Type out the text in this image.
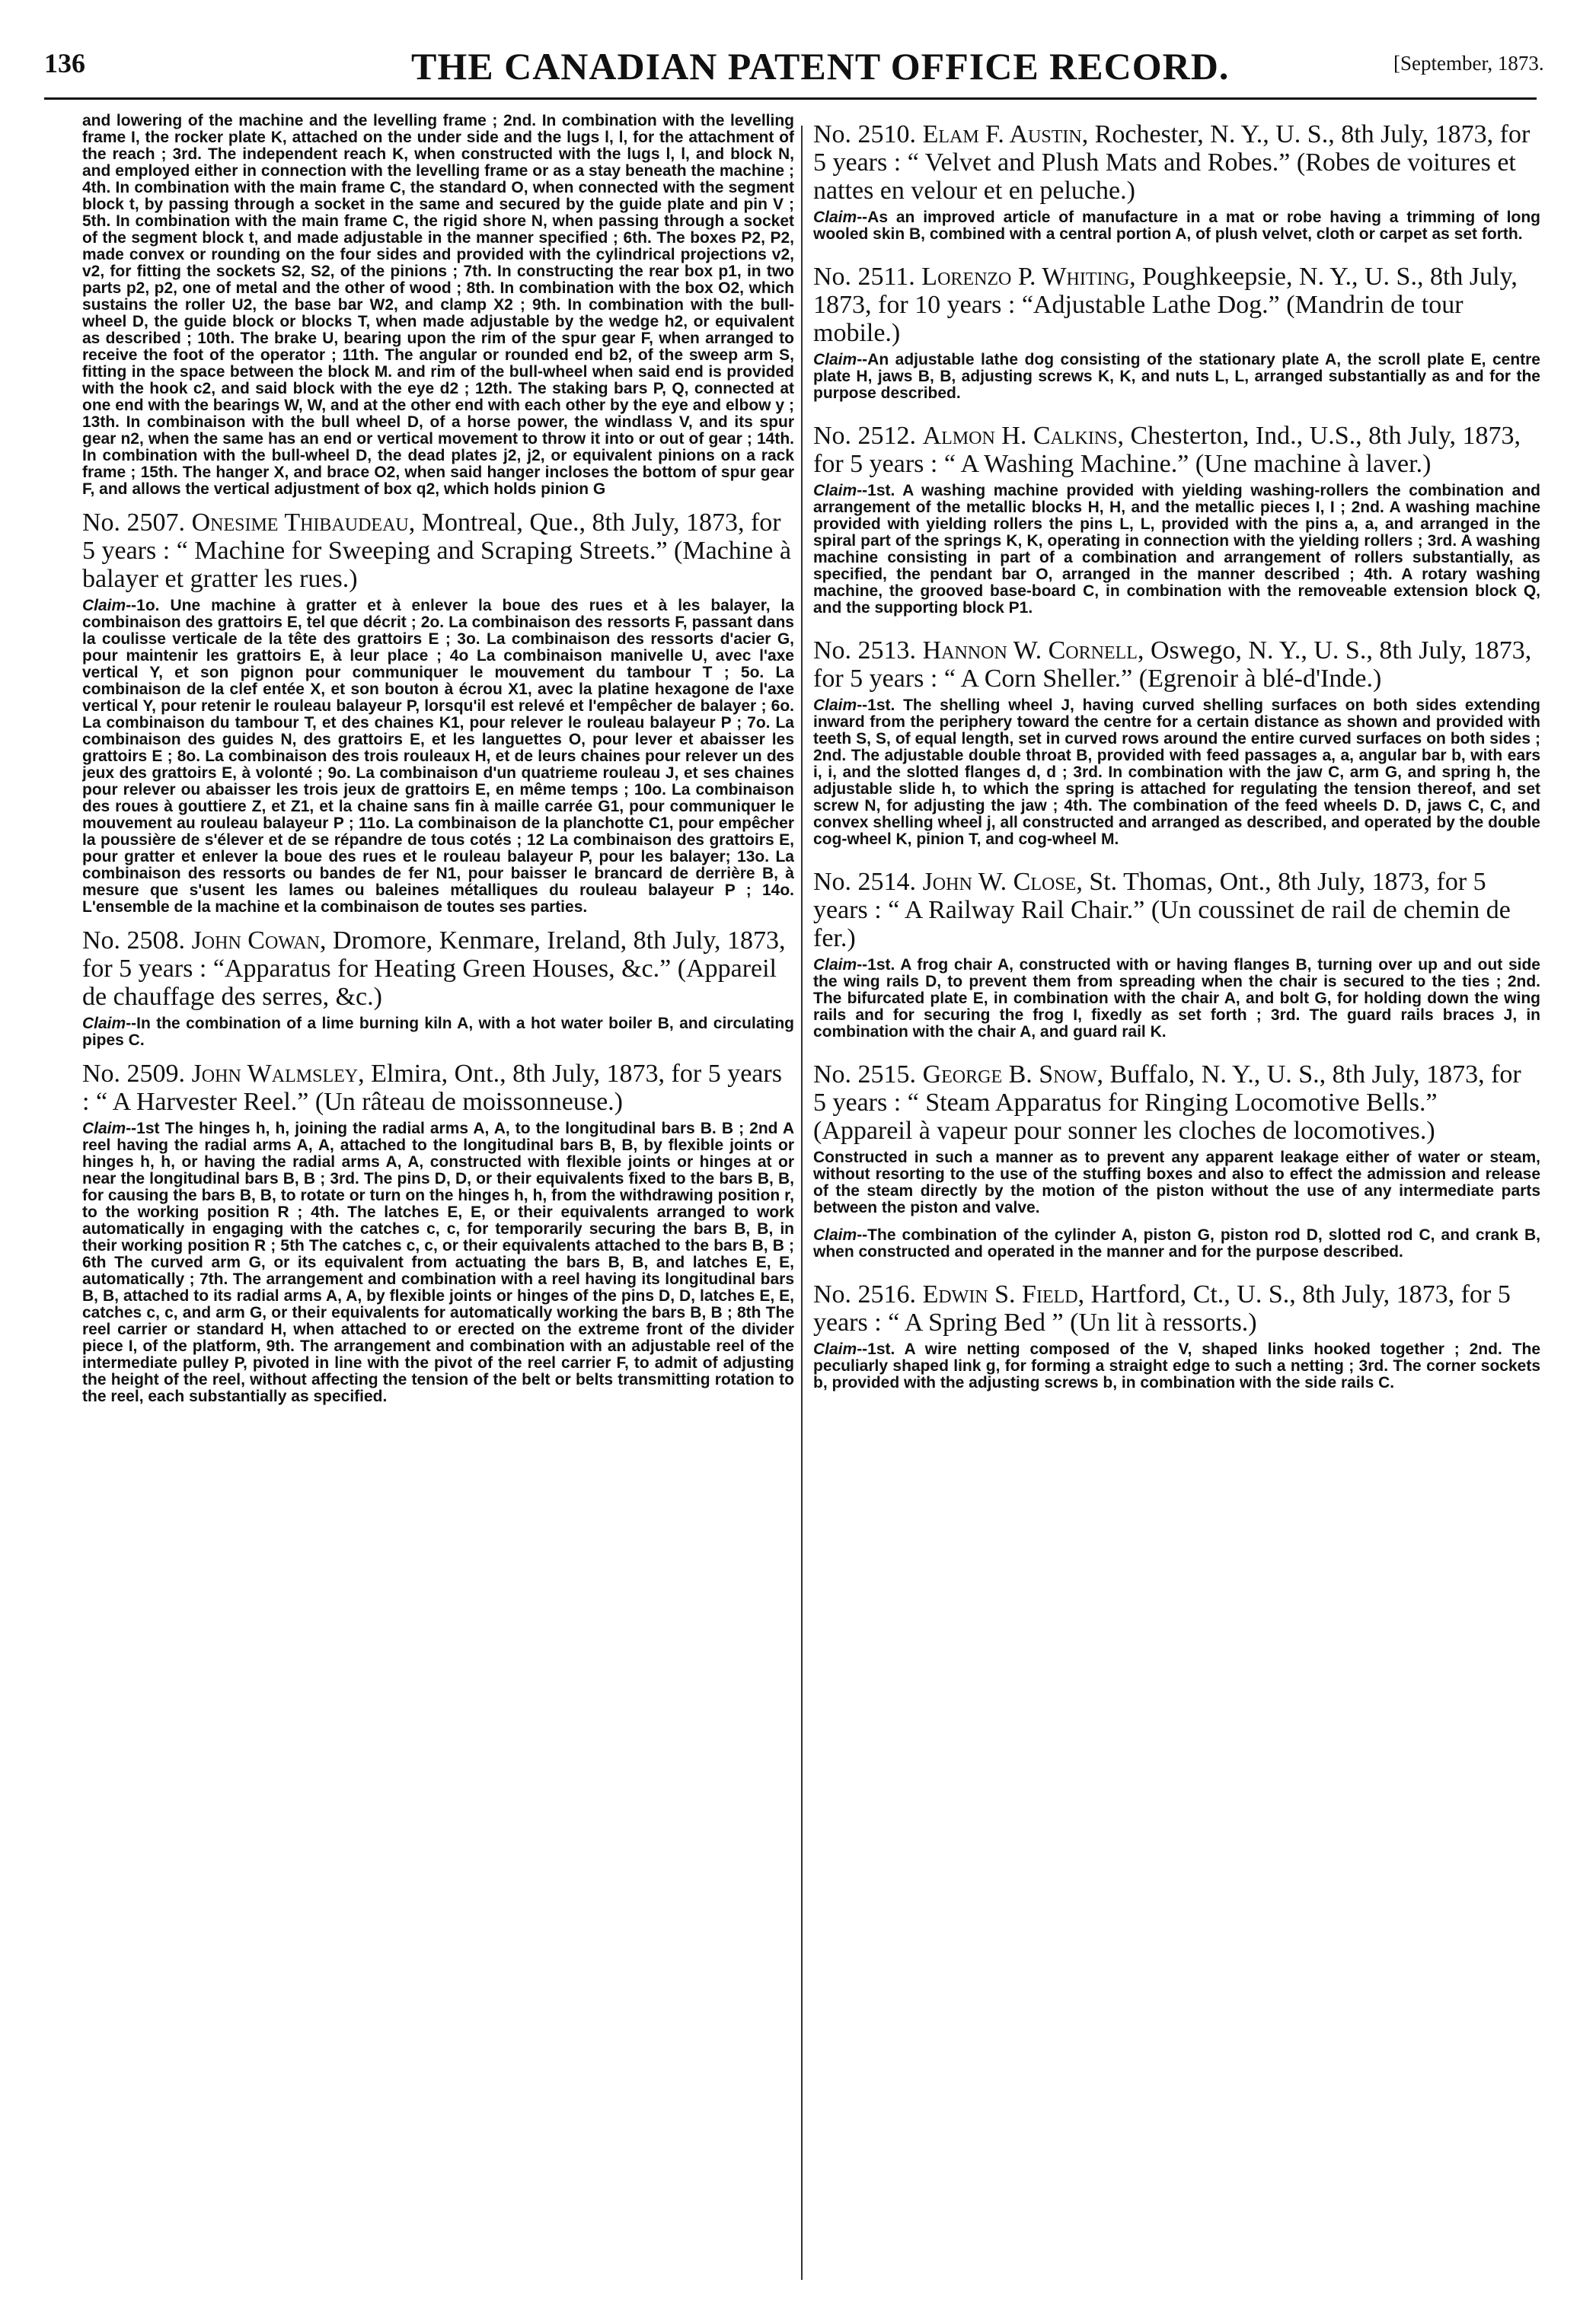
136	THE CANADIAN PATENT OFFICE RECORD.	[September, 1873.

and lowering of the machine and the levelling frame ; 2nd. In combination with the levelling frame I, the rocker plate K, attached on the under side and the lugs l, l, for the attachment of the reach ; 3rd. The independent reach K, when constructed with the lugs l, l, and block N, and employed either in connection with the levelling frame or as a stay beneath the machine ; 4th. In combination with the main frame C, the standard O, when connected with the segment block t, by passing through a socket in the same and secured by the guide plate and pin V ; 5th. In combination with the main frame C, the rigid shore N, when passing through a socket of the segment block t, and made adjustable in the manner specified ; 6th. The boxes P2, P2, made convex or rounding on the four sides and provided with the cylindrical projections v2, v2, for fitting the sockets S2, S2, of the pinions ; 7th. In constructing the rear box p1, in two parts p2, p2, one of metal and the other of wood ; 8th. In combination with the box O2, which sustains the roller U2, the base bar W2, and clamp X2 ; 9th. In combination with the bull-wheel D, the guide block or blocks T, when made adjustable by the wedge h2, or equivalent as described ; 10th. The brake U, bearing upon the rim of the spur gear F, when arranged to receive the foot of the operator ; 11th. The angular or rounded end b2, of the sweep arm S, fitting in the space between the block M. and rim of the bull-wheel when said end is provided with the hook c2, and said block with the eye d2 ; 12th. The staking bars P, Q, connected at one end with the bearings W, W, and at the other end with each other by the eye and elbow y ; 13th. In combinaison with the bull wheel D, of a horse power, the windlass V, and its spur gear n2, when the same has an end or vertical movement to throw it into or out of gear ; 14th. In combination with the bull-wheel D, the dead plates j2, j2, or equivalent pinions on a rack frame ; 15th. The hanger X, and brace O2, when said hanger incloses the bottom of spur gear F, and allows the vertical adjustment of box q2, which holds pinion G

No. 2507. Onesime Thibaudeau, Montreal, Que., 8th July, 1873, for 5 years : “ Machine for Sweeping and Scraping Streets.” (Machine à balayer et gratter les rues.)

Claim--1o. Une machine à gratter et à enlever la boue des rues et à les balayer, la combinaison des grattoirs E, tel que décrit ; 2o. La combinaison des ressorts F, passant dans la coulisse verticale de la tête des grattoirs E ; 3o. La combinaison des ressorts d'acier G, pour maintenir les grattoirs E, à leur place ; 4o La combinaison manivelle U, avec l'axe vertical Y, et son pignon pour communiquer le mouvement du tambour T ; 5o. La combinaison de la clef entée X, et son bouton à écrou X1, avec la platine hexagone de l'axe vertical Y, pour retenir le rouleau balayeur P, lorsqu'il est relevé et l'empêcher de balayer ; 6o. La combinaison du tambour T, et des chaines K1, pour relever le rouleau balayeur P ; 7o. La combinaison des guides N, des grattoirs E, et les languettes O, pour lever et abaisser les grattoirs E ; 8o. La combinaison des trois rouleaux H, et de leurs chaines pour relever un des jeux des grattoirs E, à volonté ; 9o. La combinaison d'un quatrieme rouleau J, et ses chaines pour relever ou abaisser les trois jeux de grattoirs E, en même temps ; 10o. La combinaison des roues à gouttiere Z, et Z1, et la chaine sans fin à maille carrée G1, pour communiquer le mouvement au rouleau balayeur P ; 11o. La combinaison de la planchotte C1, pour empêcher la poussière de s'élever et de se répandre de tous cotés ; 12 La combinaison des grattoirs E, pour gratter et enlever la boue des rues et le rouleau balayeur P, pour les balayer; 13o. La combinaison des ressorts ou bandes de fer N1, pour baisser le brancard de derrière B, à mesure que s'usent les lames ou baleines métalliques du rouleau balayeur P ; 14o. L'ensemble de la machine et la combinaison de toutes ses parties.

No. 2508. John Cowan, Dromore, Kenmare, Ireland, 8th July, 1873, for 5 years : “Apparatus for Heating Green Houses, &c.” (Appareil de chauffage des serres, &c.)

Claim--In the combination of a lime burning kiln A, with a hot water boiler B, and circulating pipes C.

No. 2509. John Walmsley, Elmira, Ont., 8th July, 1873, for 5 years : “ A Harvester Reel.” (Un râteau de moissonneuse.)

Claim--1st The hinges h, h, joining the radial arms A, A, to the longitudinal bars B. B ; 2nd A reel having the radial arms A, A, attached to the longitudinal bars B, B, by flexible joints or hinges h, h, or having the radial arms A, A, constructed with flexible joints or hinges at or near the longitudinal bars B, B ; 3rd. The pins D, D, or their equivalents fixed to the bars B, B, for causing the bars B, B, to rotate or turn on the hinges h, h, from the withdrawing position r, to the working position R ; 4th. The latches E, E, or their equivalents arranged to work automatically in engaging with the catches c, c, for temporarily securing the bars B, B, in their working position R ; 5th The catches c, c, or their equivalents attached to the bars B, B ; 6th The curved arm G, or its equivalent from actuating the bars B, B, and latches E, E, automatically ; 7th. The arrangement and combination with a reel having its longitudinal bars B, B, attached to its radial arms A, A, by flexible joints or hinges of the pins D, D, latches E, E, catches c, c, and arm G, or their equivalents for automatically working the bars B, B ; 8th The reel carrier or standard H, when attached to or erected on the extreme front of the divider piece I, of the platform, 9th. The arrangement and combination with an adjustable reel of the intermediate pulley P, pivoted in line with the pivot of the reel carrier F, to admit of adjusting the height of the reel, without affecting the tension of the belt or belts transmitting rotation to the reel, each substantially as specified.

No. 2510. Elam F. Austin, Rochester, N. Y., U. S., 8th July, 1873, for 5 years : “ Velvet and Plush Mats and Robes.” (Robes de voitures et nattes en velour et en peluche.)

Claim--As an improved article of manufacture in a mat or robe having a trimming of long wooled skin B, combined with a central portion A, of plush velvet, cloth or carpet as set forth.

No. 2511. Lorenzo P. Whiting, Poughkeepsie, N. Y., U. S., 8th July, 1873, for 10 years : “Adjustable Lathe Dog.” (Mandrin de tour mobile.)

Claim--An adjustable lathe dog consisting of the stationary plate A, the scroll plate E, centre plate H, jaws B, B, adjusting screws K, K, and nuts L, L, arranged substantially as and for the purpose described.

No. 2512. Almon H. Calkins, Chesterton, Ind., U.S., 8th July, 1873, for 5 years : “ A Washing Machine.” (Une machine à laver.)

Claim--1st. A washing machine provided with yielding washing-rollers the combination and arrangement of the metallic blocks H, H, and the metallic pieces I, I ; 2nd. A washing machine provided with yielding rollers the pins L, L, provided with the pins a, a, and arranged in the spiral part of the springs K, K, operating in connection with the yielding rollers ; 3rd. A washing machine consisting in part of a combination and arrangement of rollers substantially, as specified, the pendant bar O, arranged in the manner described ; 4th. A rotary washing machine, the grooved base-board C, in combination with the removeable extension block Q, and the supporting block P1.

No. 2513. Hannon W. Cornell, Oswego, N. Y., U. S., 8th July, 1873, for 5 years : “ A Corn Sheller.” (Egrenoir à blé-d'Inde.)

Claim--1st. The shelling wheel J, having curved shelling surfaces on both sides extending inward from the periphery toward the centre for a certain distance as shown and provided with teeth S, S, of equal length, set in curved rows around the entire curved surfaces on both sides ; 2nd. The adjustable double throat B, provided with feed passages a, a, angular bar b, with ears i, i, and the slotted flanges d, d ; 3rd. In combination with the jaw C, arm G, and spring h, the adjustable slide h, to which the spring is attached for regulating the tension thereof, and set screw N, for adjusting the jaw ; 4th. The combination of the feed wheels D. D, jaws C, C, and convex shelling wheel j, all constructed and arranged as described, and operated by the double cog-wheel K, pinion T, and cog-wheel M.

No. 2514. John W. Close, St. Thomas, Ont., 8th July, 1873, for 5 years : “ A Railway Rail Chair.” (Un coussinet de rail de chemin de fer.)

Claim--1st. A frog chair A, constructed with or having flanges B, turning over up and out side the wing rails D, to prevent them from spreading when the chair is secured to the ties ; 2nd. The bifurcated plate E, in combination with the chair A, and bolt G, for holding down the wing rails and for securing the frog I, fixedly as set forth ; 3rd. The guard rails braces J, in combination with the chair A, and guard rail K.

No. 2515. George B. Snow, Buffalo, N. Y., U. S., 8th July, 1873, for 5 years : “ Steam Apparatus for Ringing Locomotive Bells.” (Appareil à vapeur pour sonner les cloches de locomotives.)

Constructed in such a manner as to prevent any apparent leakage either of water or steam, without resorting to the use of the stuffing boxes and also to effect the admission and release of the steam directly by the motion of the piston without the use of any intermediate parts between the piston and valve.

Claim--The combination of the cylinder A, piston G, piston rod D, slotted rod C, and crank B, when constructed and operated in the manner and for the purpose described.

No. 2516. Edwin S. Field, Hartford, Ct., U. S., 8th July, 1873, for 5 years : “ A Spring Bed ” (Un lit à ressorts.)

Claim--1st. A wire netting composed of the V, shaped links hooked together ; 2nd. The peculiarly shaped link g, for forming a straight edge to such a netting ; 3rd. The corner sockets b, provided with the adjusting screws b, in combination with the side rails C.
